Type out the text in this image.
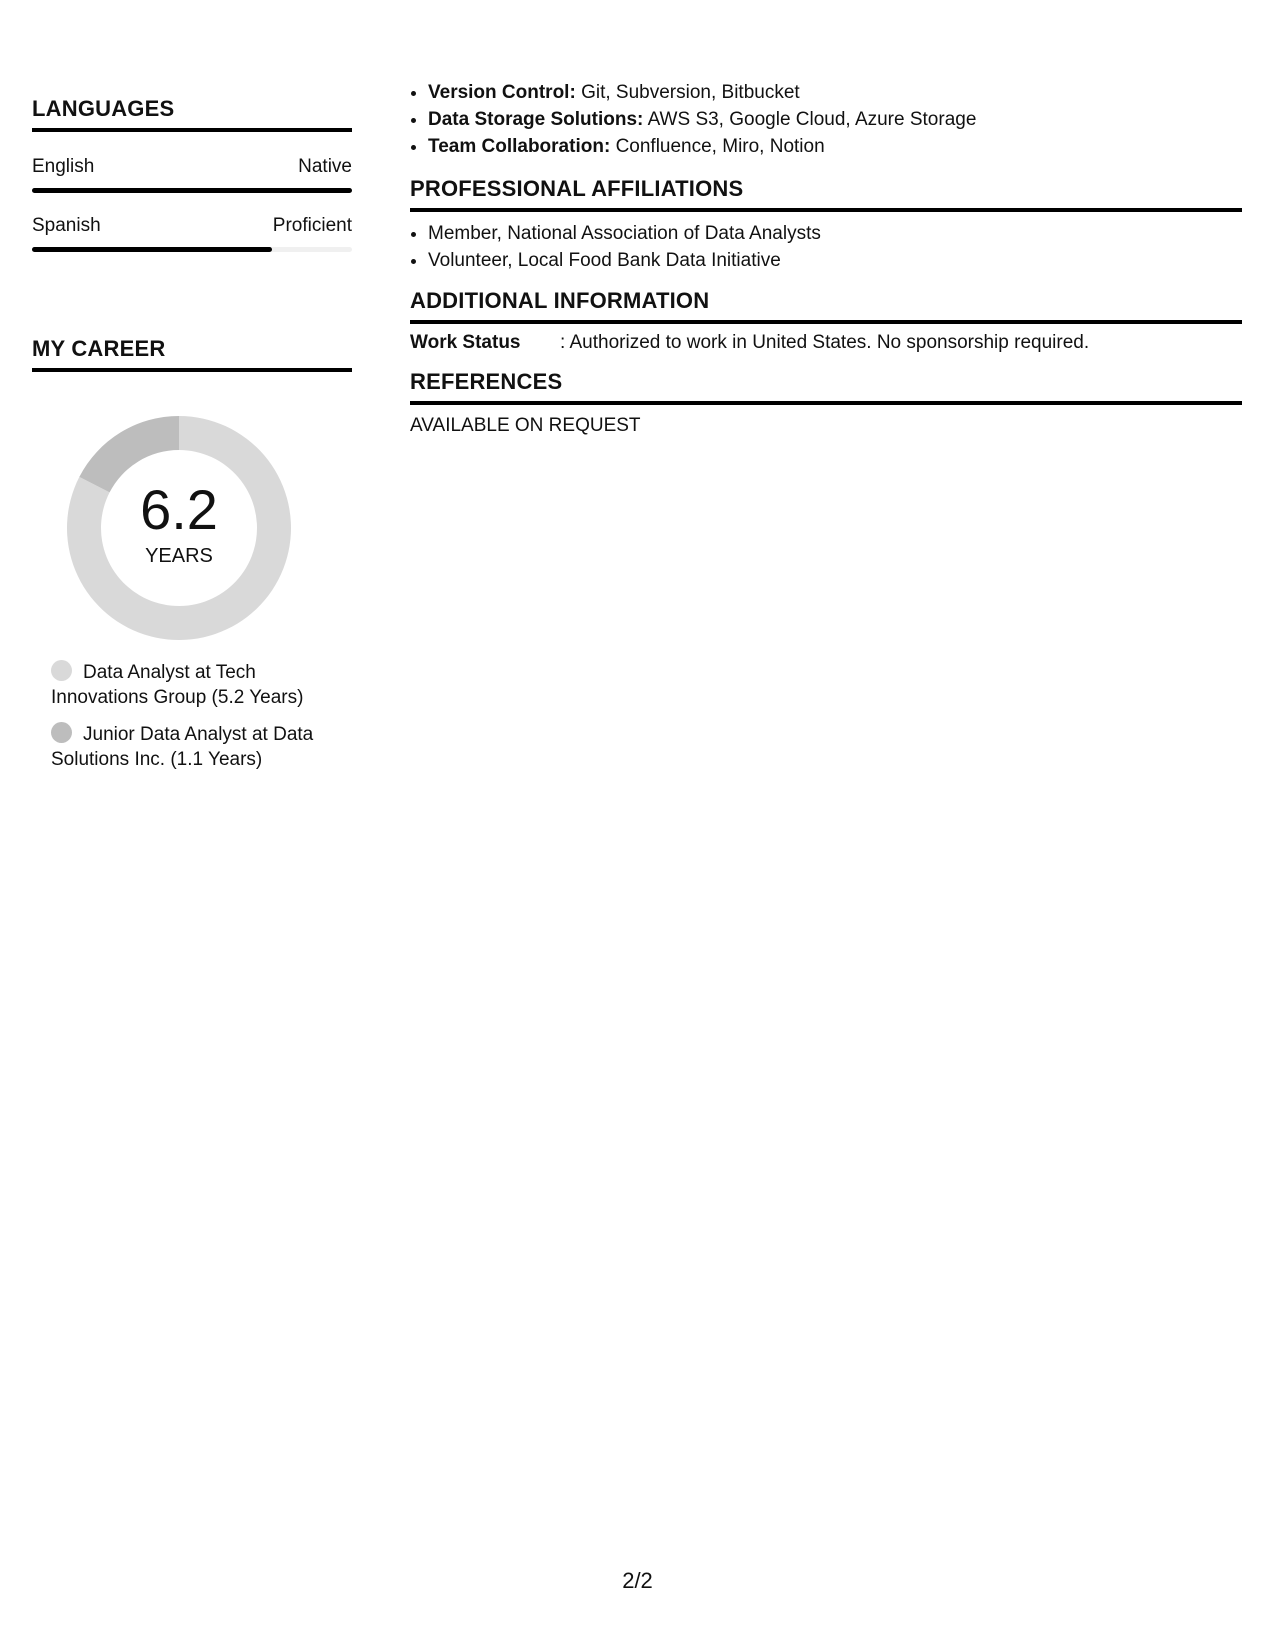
LANGUAGES
English	Native
Spanish	Proficient
MY CAREER
6.2
YEARS
Data Analyst at Tech Innovations Group (5.2 Years)
Junior Data Analyst at Data Solutions Inc. (1.1 Years)
• Version Control: Git, Subversion, Bitbucket
• Data Storage Solutions: AWS S3, Google Cloud, Azure Storage
• Team Collaboration: Confluence, Miro, Notion
PROFESSIONAL AFFILIATIONS
• Member, National Association of Data Analysts
• Volunteer, Local Food Bank Data Initiative
ADDITIONAL INFORMATION
Work Status	: Authorized to work in United States. No sponsorship required.
REFERENCES
AVAILABLE ON REQUEST
2/2
